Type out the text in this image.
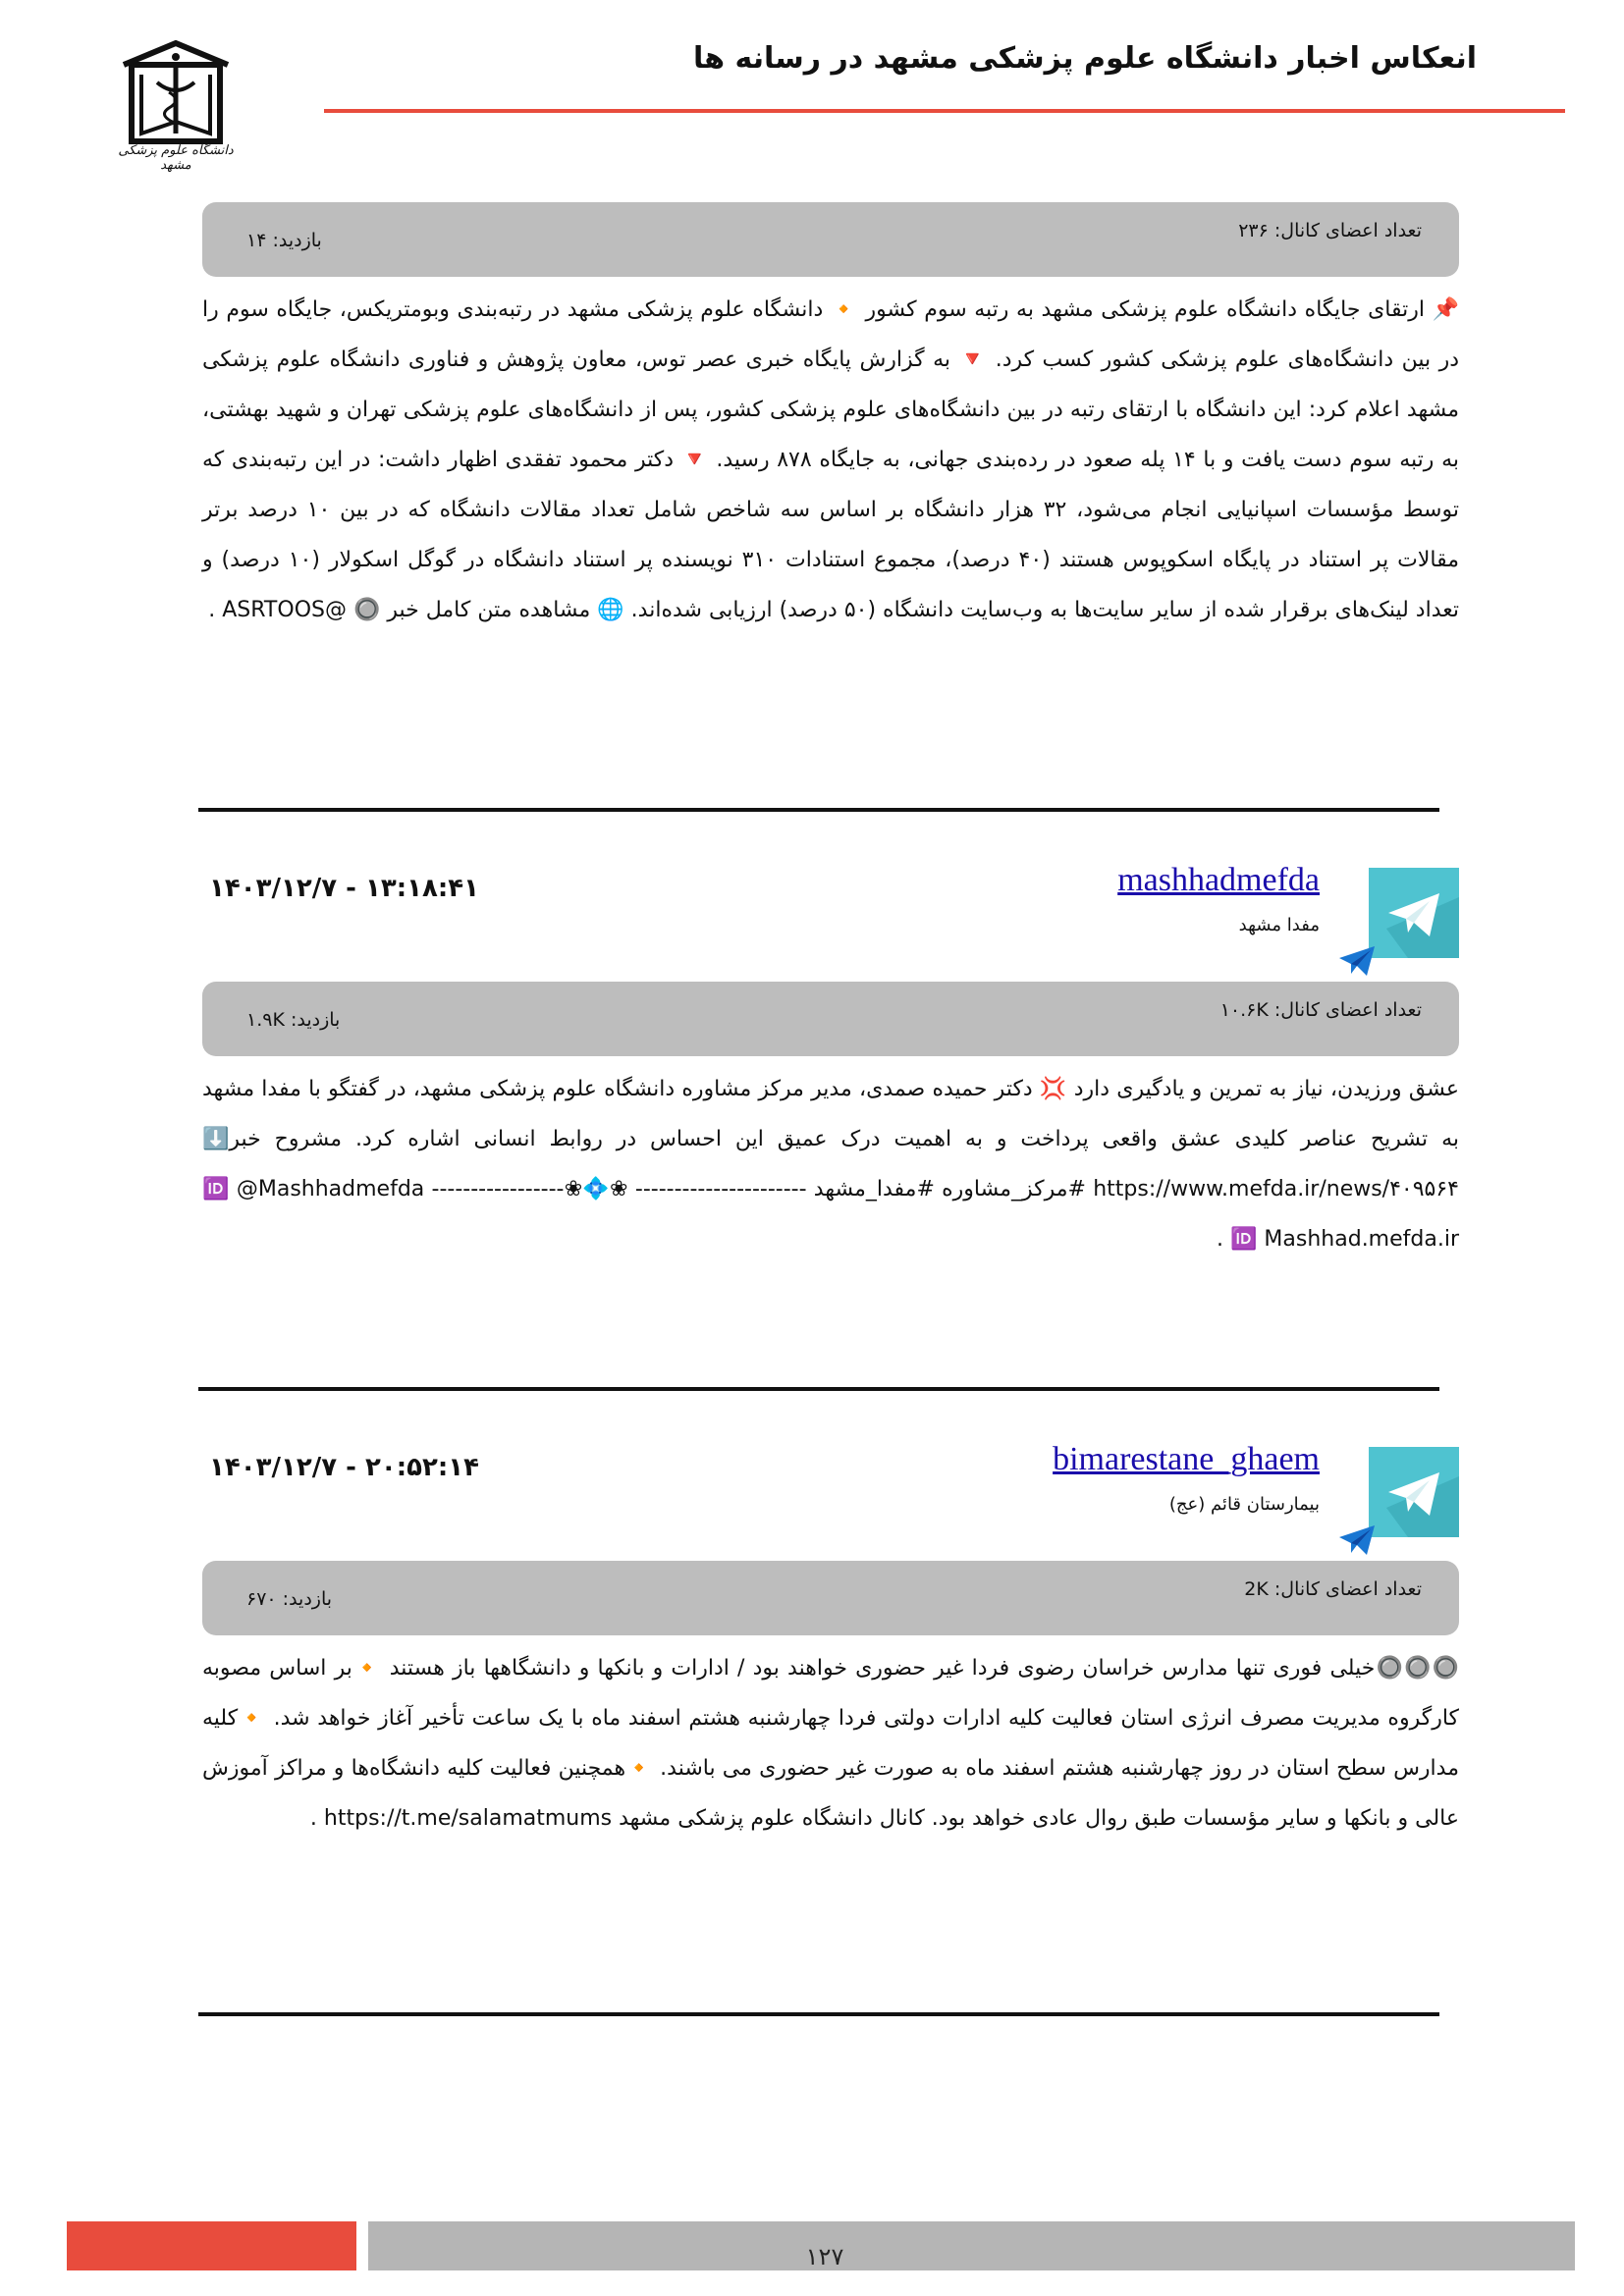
انعکاس اخبار دانشگاه علوم پزشکی مشهد در رسانه ها
دانشگاه علوم پزشکی مشهد
تعداد اعضای کانال: ۲۳۶
بازدید: ۱۴
📌 ارتقای جایگاه دانشگاه علوم پزشکی مشهد به رتبه سوم کشور 🔸 دانشگاه علوم پزشکی مشهد در رتبه‌بندی وبومتریکس، جایگاه سوم را در بین دانشگاه‌های علوم پزشکی کشور کسب کرد. 🔻 به گزارش پایگاه خبری عصر توس، معاون پژوهش و فناوری دانشگاه علوم پزشکی مشهد اعلام کرد: این دانشگاه با ارتقای رتبه در بین دانشگاه‌های علوم پزشکی کشور، پس از دانشگاه‌های علوم پزشکی تهران و شهید بهشتی، به رتبه سوم دست یافت و با ۱۴ پله صعود در رده‌بندی جهانی، به جایگاه ۸۷۸ رسید. 🔻 دکتر محمود تفقدی اظهار داشت: در این رتبه‌بندی که توسط مؤسسات اسپانیایی انجام می‌شود، ۳۲ هزار دانشگاه بر اساس سه شاخص شامل تعداد مقالات دانشگاه که در بین ۱۰ درصد برتر مقالات پر استناد در پایگاه اسکوپوس هستند (۴۰ درصد)، مجموع استنادات ۳۱۰ نویسنده پر استناد دانشگاه در گوگل اسکولار (۱۰ درصد) و تعداد لینک‌های برقرار شده از سایر سایت‌ها به وب‌سایت دانشگاه (۵۰ درصد) ارزیابی شده‌اند. 🌐 مشاهده متن کامل خبر 🔘 @ASRTOOS .
mashhadmefda
مفدا مشهد
۱۴۰۳/۱۲/۷ - ۱۳:۱۸:۴۱
تعداد اعضای کانال: ۱۰.۶K
بازدید: ۱.۹K
عشق ورزیدن، نیاز به تمرین و یادگیری دارد 💢 دکتر حمیده صمدی، مدیر مرکز مشاوره دانشگاه علوم پزشکی مشهد، در گفتگو با مفدا مشهد به تشریح عناصر کلیدی عشق واقعی پرداخت و به اهمیت درک عمیق این احساس در روابط انسانی اشاره کرد. مشروح خبر⬇️ https://www.mefda.ir/news/۴۰۹۵۶۴ #مرکز_مشاوره #مفدا_مشهد ---------------------- ❀💠❀----------------- 🆔 @Mashhadmefda 🆔 Mashhad.mefda.ir .
bimarestane_ghaem
بیمارستان قائم (عج)
۱۴۰۳/۱۲/۷ - ۲۰:۵۲:۱۴
تعداد اعضای کانال: 2K
بازدید: ۶۷۰
🔘🔘🔘خیلی فوری تنها مدارس خراسان رضوی فردا غیر حضوری خواهند بود / ادارات و بانکها و دانشگاهها باز هستند 🔸بر اساس مصوبه کارگروه مدیریت مصرف انرژی استان فعالیت کلیه ادارات دولتی فردا چهارشنبه هشتم اسفند ماه با یک ساعت تأخیر آغاز خواهد شد. 🔸کلیه مدارس سطح استان در روز چهارشنبه هشتم اسفند ماه به صورت غیر حضوری می باشند. 🔸همچنین فعالیت کلیه دانشگاه‌ها و مراکز آموزش عالی و بانکها و سایر مؤسسات طبق روال عادی خواهد بود. کانال دانشگاه علوم پزشکی مشهد https://t.me/salamatmums .
۱۲۷
